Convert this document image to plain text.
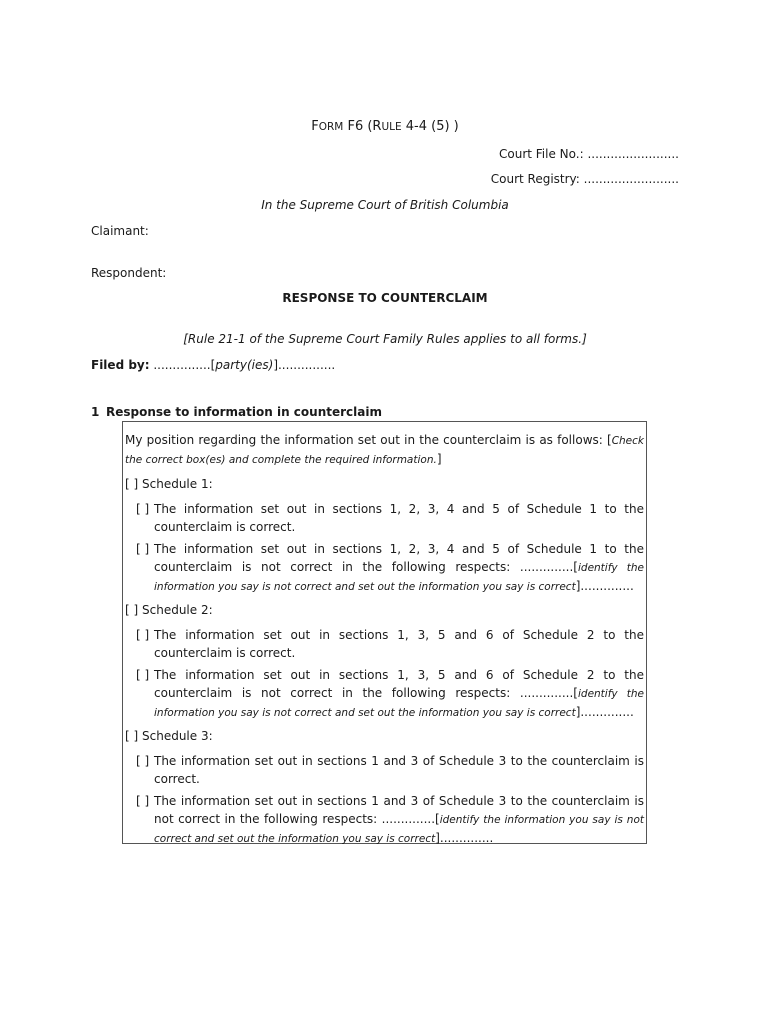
FORM F6 (RULE 4-4 (5) )
Court File No.: ........................
Court Registry: .........................
In the Supreme Court of British Columbia
Claimant:
Respondent:
RESPONSE TO COUNTERCLAIM
[Rule 21-1 of the Supreme Court Family Rules applies to all forms.]
Filed by: ...............[party(ies)]...............
1 Response to information in counterclaim

My position regarding the information set out in the counterclaim is as follows: [Check the correct box(es) and complete the required information.]

[ ] Schedule 1:

[ ] The information set out in sections 1, 2, 3, 4 and 5 of Schedule 1 to the counterclaim is correct.

[ ] The information set out in sections 1, 2, 3, 4 and 5 of Schedule 1 to the counterclaim is not correct in the following respects: ..............[identify the information you say is not correct and set out the information you say is correct]..............

[ ] Schedule 2:

[ ] The information set out in sections 1, 3, 5 and 6 of Schedule 2 to the counterclaim is correct.

[ ] The information set out in sections 1, 3, 5 and 6 of Schedule 2 to the counterclaim is not correct in the following respects: ..............[identify the information you say is not correct and set out the information you say is correct]..............

[ ] Schedule 3:

[ ] The information set out in sections 1 and 3 of Schedule 3 to the counterclaim is correct.

[ ] The information set out in sections 1 and 3 of Schedule 3 to the counterclaim is not correct in the following respects: ..............[identify the information you say is not correct and set out the information you say is correct]..............
